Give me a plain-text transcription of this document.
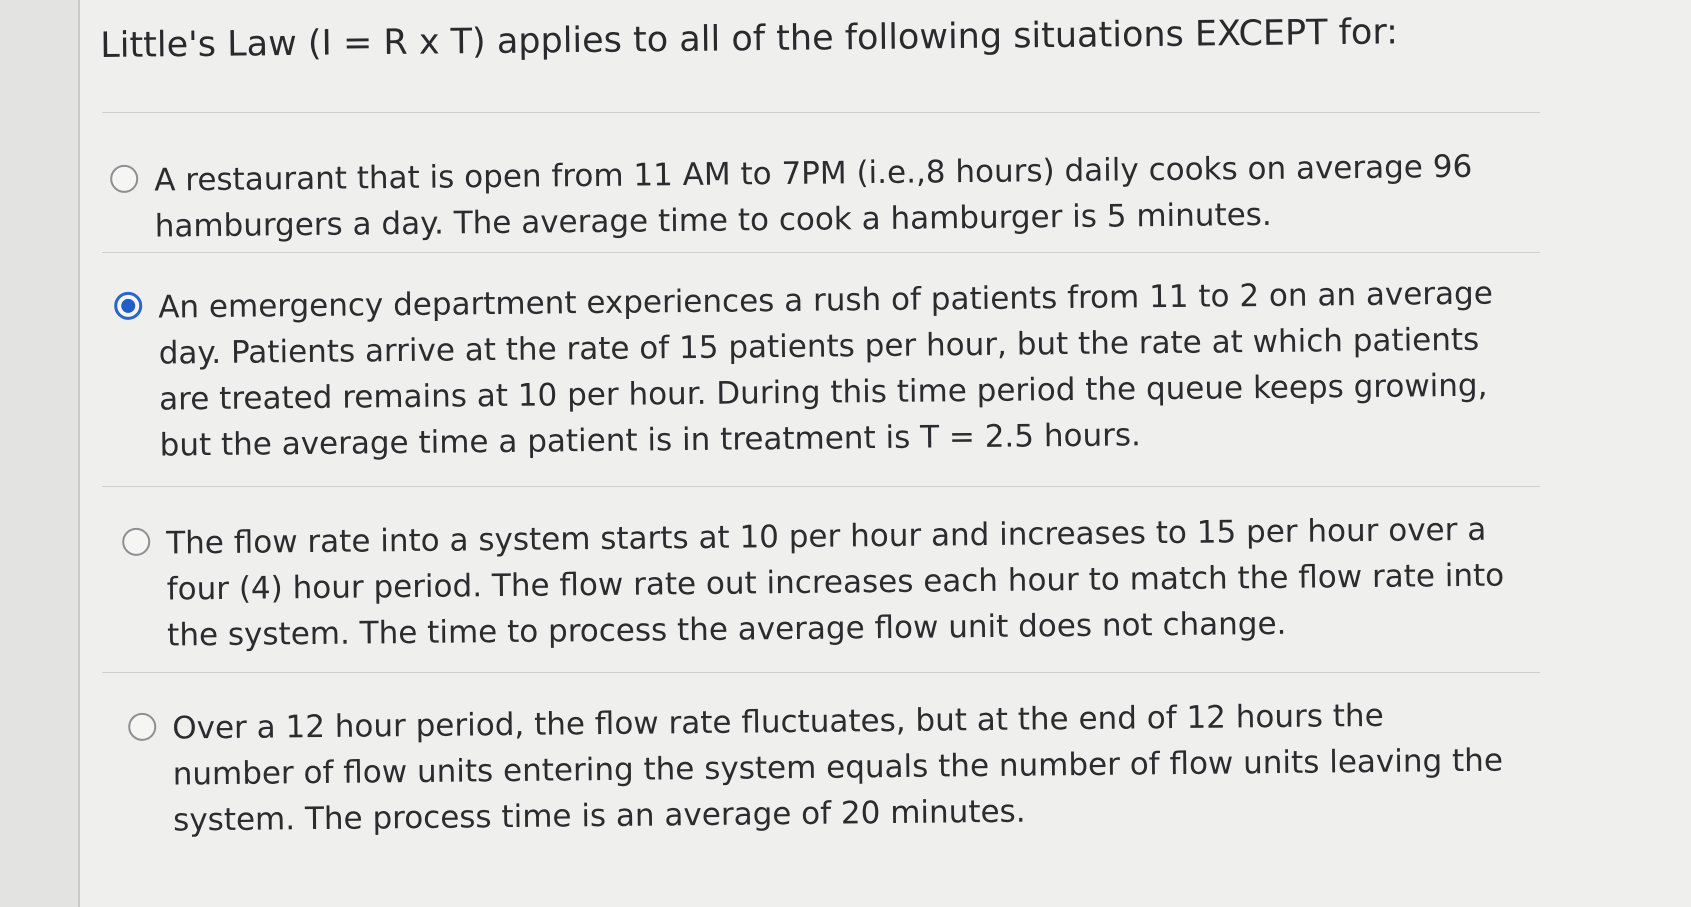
Little's Law (I = R x T) applies to all of the following situations EXCEPT for:
A restaurant that is open from 11 AM to 7PM (i.e.,8 hours) daily cooks on average 96 hamburgers a day. The average time to cook a hamburger is 5 minutes.
An emergency department experiences a rush of patients from 11 to 2 on an average day. Patients arrive at the rate of 15 patients per hour, but the rate at which patients are treated remains at 10 per hour. During this time period the queue keeps growing, but the average time a patient is in treatment is T = 2.5 hours.
The flow rate into a system starts at 10 per hour and increases to 15 per hour over a four (4) hour period. The flow rate out increases each hour to match the flow rate into the system. The time to process the average flow unit does not change.
Over a 12 hour period, the flow rate fluctuates, but at the end of 12 hours the number of flow units entering the system equals the number of flow units leaving the system. The process time is an average of 20 minutes.
